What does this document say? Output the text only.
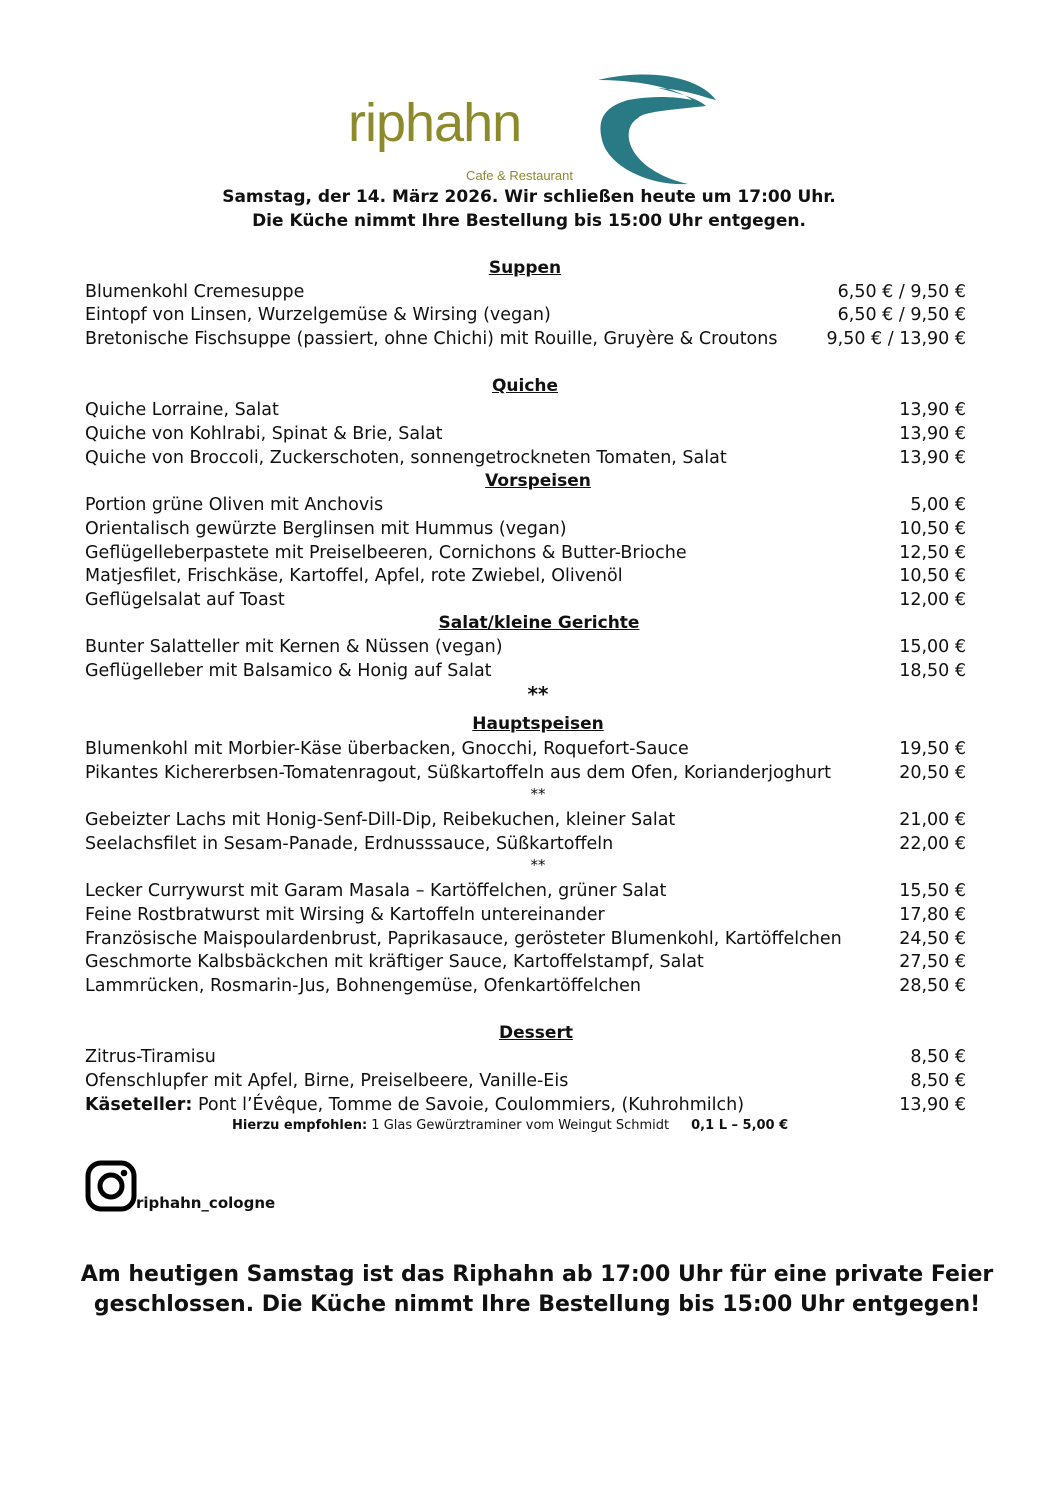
riphahn
Cafe & Restaurant
Samstag, der 14. März 2026. Wir schließen heute um 17:00 Uhr.
Die Küche nimmt Ihre Bestellung bis 15:00 Uhr entgegen.
Suppen
Blumenkohl Cremesuppe	6,50 € / 9,50 €
Eintopf von Linsen, Wurzelgemüse & Wirsing (vegan)	6,50 € / 9,50 €
Bretonische Fischsuppe (passiert, ohne Chichi) mit Rouille, Gruyère & Croutons	9,50 € / 13,90 €
Quiche
Quiche Lorraine, Salat	13,90 €
Quiche von Kohlrabi, Spinat & Brie, Salat	13,90 €
Quiche von Broccoli, Zuckerschoten, sonnengetrockneten Tomaten, Salat	13,90 €
Vorspeisen
Portion grüne Oliven mit Anchovis	5,00 €
Orientalisch gewürzte Berglinsen mit Hummus (vegan)	10,50 €
Geflügelleberpastete mit Preiselbeeren, Cornichons & Butter-Brioche	12,50 €
Matjesfilet, Frischkäse, Kartoffel, Apfel, rote Zwiebel, Olivenöl	10,50 €
Geflügelsalat auf Toast	12,00 €
Salat/kleine Gerichte
Bunter Salatteller mit Kernen & Nüssen (vegan)	15,00 €
Geflügelleber mit Balsamico & Honig auf Salat	18,50 €
**
Hauptspeisen
Blumenkohl mit Morbier-Käse überbacken, Gnocchi, Roquefort-Sauce	19,50 €
Pikantes Kichererbsen-Tomatenragout, Süßkartoffeln aus dem Ofen, Korianderjoghurt	20,50 €
**
Gebeizter Lachs mit Honig-Senf-Dill-Dip, Reibekuchen, kleiner Salat	21,00 €
Seelachsfilet in Sesam-Panade, Erdnusssauce, Süßkartoffeln	22,00 €
**
Lecker Currywurst mit Garam Masala – Kartöffelchen, grüner Salat	15,50 €
Feine Rostbratwurst mit Wirsing & Kartoffeln untereinander	17,80 €
Französische Maispoulardenbrust, Paprikasauce, gerösteter Blumenkohl, Kartöffelchen	24,50 €
Geschmorte Kalbsbäckchen mit kräftiger Sauce, Kartoffelstampf, Salat	27,50 €
Lammrücken, Rosmarin-Jus, Bohnengemüse, Ofenkartöffelchen	28,50 €
Dessert
Zitrus-Tiramisu	8,50 €
Ofenschlupfer mit Apfel, Birne, Preiselbeere, Vanille-Eis	8,50 €
Käseteller: Pont l’Évêque, Tomme de Savoie, Coulommiers, (Kuhrohmilch)	13,90 €
Hierzu empfohlen: 1 Glas Gewürztraminer vom Weingut Schmidt 0,1 L – 5,00 €
riphahn_cologne
Am heutigen Samstag ist das Riphahn ab 17:00 Uhr für eine private Feier
geschlossen. Die Küche nimmt Ihre Bestellung bis 15:00 Uhr entgegen!
